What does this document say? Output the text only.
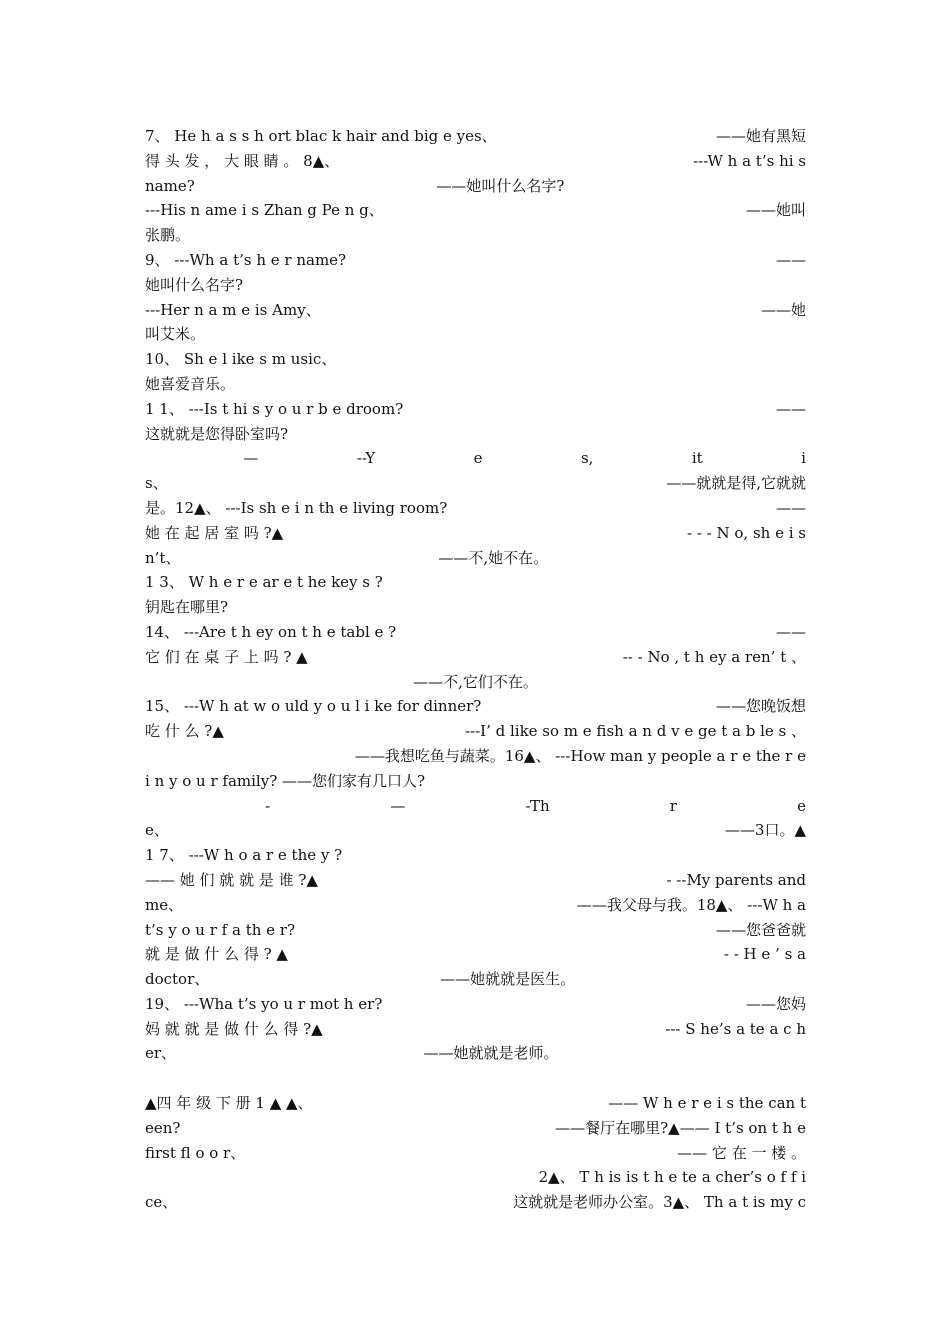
7、 He h a s s h ort blac k hair and big e yes、	——她有黑短
得 头 发 ， 大 眼 睛 。 8▲、	---W h a t’s hi s
name?	——她叫什么名字?
---His n ame i s Zhan g Pe n g、	——她叫
张鹏。
9、 ---Wh a t’s h e r name?	——
她叫什么名字?
---Her n a m e is Amy、	——她
叫艾米。
10、 Sh e l ike s m usic、
她喜爱音乐。
1 1、 ---Is t hi s y o u r b e droom?	——
这就就是您得卧室吗?
—	--Y	e	s,	it	i
s、	——就就是得,它就就
是。12▲、 ---Is sh e i n th e living room?	——
她 在 起 居 室 吗 ?▲	- - - N o, sh e i s
n’t、	——不,她不在。
1 3、 W h e r e ar e t he key s ?
钥匙在哪里?
14、 ---Are t h ey on t h e tabl e ?	——
它 们 在 桌 子 上 吗 ? ▲	-- - No , t h ey a ren’ t 、
——不,它们不在。
15、 ---W h at w o uld y o u l i ke for dinner?	——您晚饭想
吃 什 么 ?▲	---I’ d like so m e fish a n d v e ge t a b le s 、
——我想吃鱼与蔬菜。16▲、 ---How man y people a r e the r e
i n y o u r family? ——您们家有几口人?
-	—	-Th	r	e
e、	——3口。▲
1 7、 ---W h o a r e the y ?
—— 她 们 就 就 是 谁 ?▲	- --My parents and
me、	——我父母与我。18▲、 ---W h a
t’s y o u r f a th e r?	——您爸爸就
就 是 做 什 么 得 ? ▲	- - H e ’ s a
doctor、	——她就就是医生。
19、 ---Wha t’s yo u r mot h er?	——您妈
妈 就 就 是 做 什 么 得 ?▲	--- S he’s a te a c h
er、	——她就就是老师。
▲四 年 级 下 册 1 ▲ ▲、	—— W h e r e i s the can t
een?	——餐厅在哪里?▲—— I t’s on t h e
first fl o o r、	—— 它 在 一 楼 。
2▲、 T h is is t h e te a cher’s o f f i
ce、	这就就是老师办公室。3▲、 Th a t is my c
